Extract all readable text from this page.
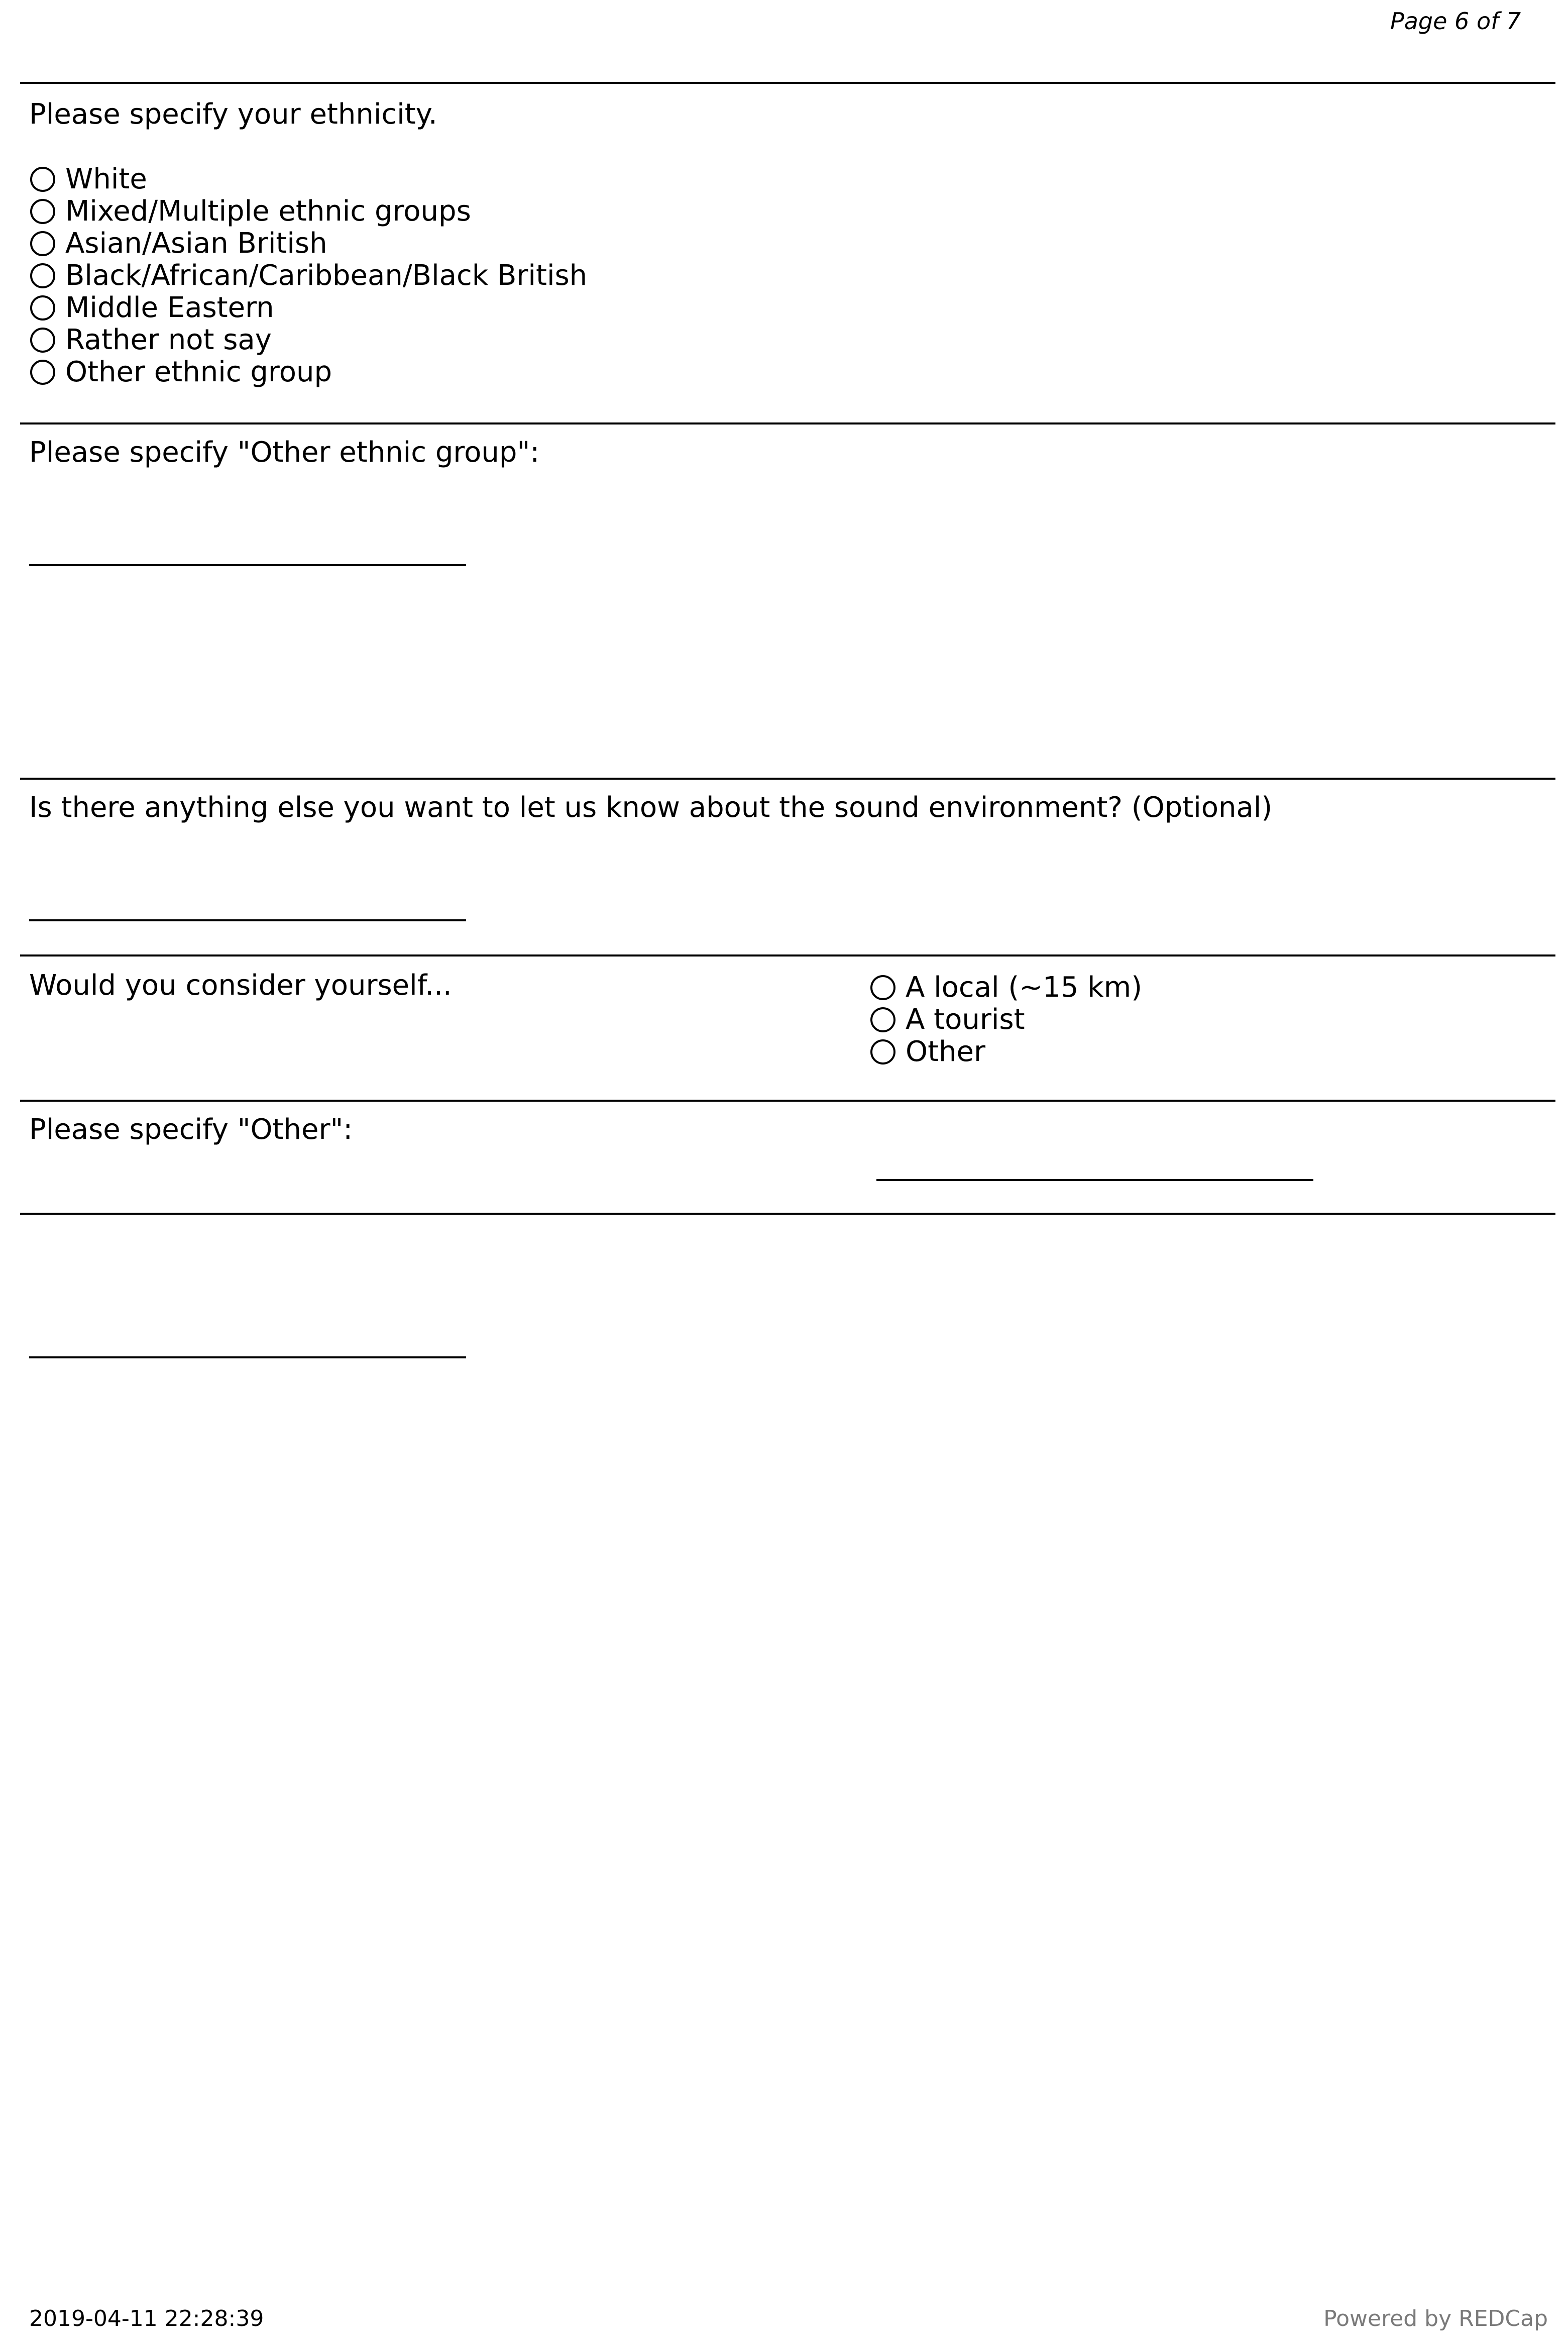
Page 6 of 7
Please specify your ethnicity.
White
Mixed/Multiple ethnic groups
Asian/Asian British
Black/African/Caribbean/Black British
Middle Eastern
Rather not say
Other ethnic group
Please specify "Other ethnic group":
Is there anything else you want to let us know about the sound environment? (Optional)
Would you consider yourself...	A local (~15 km)
A tourist
Other
Please specify "Other":
2019-04-11 22:28:39	Powered by REDCap
